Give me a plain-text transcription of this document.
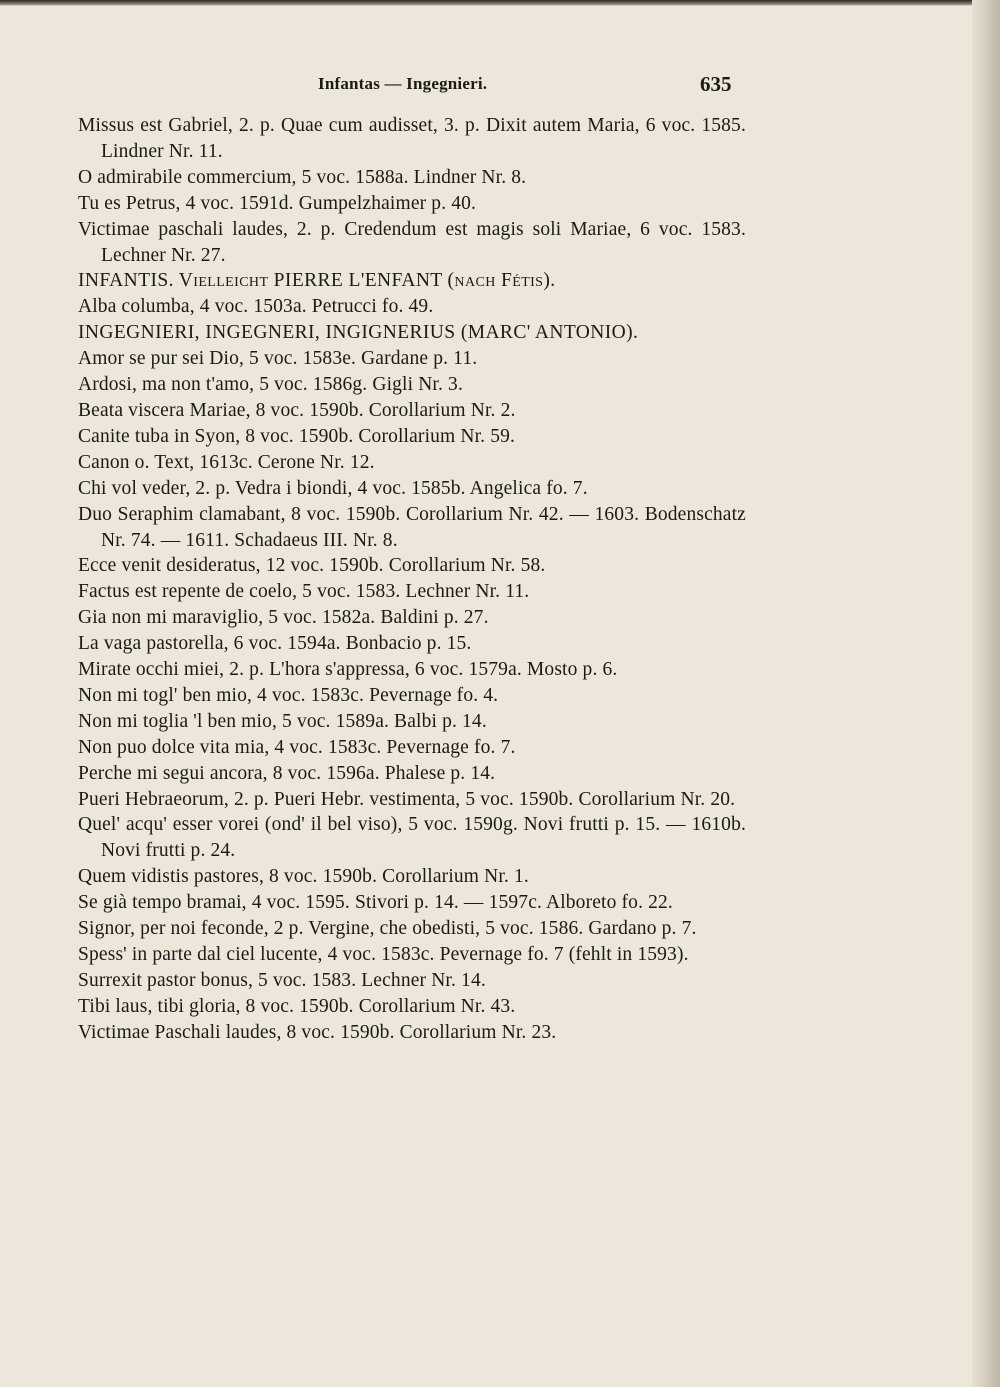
Infantas — Ingegnieri.	635
Missus est Gabriel, 2. p. Quae cum audisset, 3. p. Dixit autem Maria, 6 voc. 1585. Lindner Nr. 11.
O admirabile commercium, 5 voc. 1588a. Lindner Nr. 8.
Tu es Petrus, 4 voc. 1591d. Gumpelzhaimer p. 40.
Victimae paschali laudes, 2. p. Credendum est magis soli Mariae, 6 voc. 1583. Lechner Nr. 27.
INFANTIS. Vielleicht PIERRE L'ENFANT (nach Fétis).
Alba columba, 4 voc. 1503a. Petrucci fo. 49.
INGEGNIERI, INGEGNERI, INGIGNERIUS (MARC' ANTONIO).
Amor se pur sei Dio, 5 voc. 1583e. Gardane p. 11.
Ardosi, ma non t'amo, 5 voc. 1586g. Gigli Nr. 3.
Beata viscera Mariae, 8 voc. 1590b. Corollarium Nr. 2.
Canite tuba in Syon, 8 voc. 1590b. Corollarium Nr. 59.
Canon o. Text, 1613c. Cerone Nr. 12.
Chi vol veder, 2. p. Vedra i biondi, 4 voc. 1585b. Angelica fo. 7.
Duo Seraphim clamabant, 8 voc. 1590b. Corollarium Nr. 42. — 1603. Bodenschatz Nr. 74. — 1611. Schadaeus III. Nr. 8.
Ecce venit desideratus, 12 voc. 1590b. Corollarium Nr. 58.
Factus est repente de coelo, 5 voc. 1583. Lechner Nr. 11.
Gia non mi maraviglio, 5 voc. 1582a. Baldini p. 27.
La vaga pastorella, 6 voc. 1594a. Bonbacio p. 15.
Mirate occhi miei, 2. p. L'hora s'appressa, 6 voc. 1579a. Mosto p. 6.
Non mi togl' ben mio, 4 voc. 1583c. Pevernage fo. 4.
Non mi toglia 'l ben mio, 5 voc. 1589a. Balbi p. 14.
Non puo dolce vita mia, 4 voc. 1583c. Pevernage fo. 7.
Perche mi segui ancora, 8 voc. 1596a. Phalese p. 14.
Pueri Hebraeorum, 2. p. Pueri Hebr. vestimenta, 5 voc. 1590b. Corollarium Nr. 20.
Quel' acqu' esser vorei (ond' il bel viso), 5 voc. 1590g. Novi frutti p. 15. — 1610b. Novi frutti p. 24.
Quem vidistis pastores, 8 voc. 1590b. Corollarium Nr. 1.
Se già tempo bramai, 4 voc. 1595. Stivori p. 14. — 1597c. Alboreto fo. 22.
Signor, per noi feconde, 2 p. Vergine, che obedisti, 5 voc. 1586. Gardano p. 7.
Spess' in parte dal ciel lucente, 4 voc. 1583c. Pevernage fo. 7 (fehlt in 1593).
Surrexit pastor bonus, 5 voc. 1583. Lechner Nr. 14.
Tibi laus, tibi gloria, 8 voc. 1590b. Corollarium Nr. 43.
Victimae Paschali laudes, 8 voc. 1590b. Corollarium Nr. 23.
